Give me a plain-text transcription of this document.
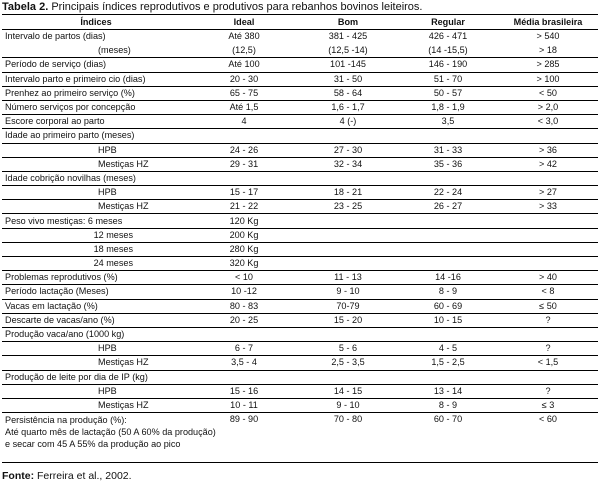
Tabela 2. Principais índices reprodutivos e produtivos para rebanhos bovinos leiteiros.
Índices	Ideal	Bom	Regular	Média brasileira
Intervalo de partos (dias)	Até 380	381 - 425	426 - 471	> 540
(meses)	(12,5)	(12,5 -14)	(14 -15,5)	> 18
Período de serviço (dias)	Até 100	101 -145	146 - 190	> 285
Intervalo parto e primeiro cio (dias)	20 - 30	31 - 50	51 - 70	> 100
Prenhez ao primeiro serviço (%)	65 - 75	58 - 64	50 - 57	< 50
Número serviços por concepção	Até 1,5	1,6 - 1,7	1,8 - 1,9	> 2,0
Escore corporal ao parto	4	4 (-)	3,5	< 3,0
Idade ao primeiro parto (meses)				
HPB	24 - 26	27 - 30	31 - 33	> 36
Mestiças HZ	29 - 31	32 - 34	35 - 36	> 42
Idade cobrição novilhas (meses)				
HPB	15 - 17	18 - 21	22 - 24	> 27
Mestiças HZ	21 - 22	23 - 25	26 - 27	> 33
Peso vivo mestiças: 6 meses	120 Kg			
12 meses	200 Kg			
18 meses	280 Kg			
24 meses	320 Kg			
Problemas reprodutivos (%)	< 10	11 - 13	14 -16	> 40
Período lactação (Meses)	10 -12	9 - 10	8 - 9	< 8
Vacas em lactação (%)	80 - 83	70-79	60 - 69	≤ 50
Descarte de vacas/ano (%)	20 - 25	15 - 20	10 - 15	?
Produção vaca/ano (1000 kg)				
HPB	6 - 7	5 - 6	4 - 5	?
Mestiças HZ	3,5 - 4	2,5 - 3,5	1,5 - 2,5	< 1,5
Produção de leite por dia de IP (kg)				
HPB	15 - 16	14 - 15	13 - 14	?
Mestiças HZ	10 - 11	9 - 10	8 - 9	≤ 3

Persistência na produção (%):
Até quarto mês de lactação (50 A 60% da produção)
e secar com 45 A 55% da produção ao pico	89 - 90	70 - 80	60 - 70	< 60
Fonte: Ferreira et al., 2002.
